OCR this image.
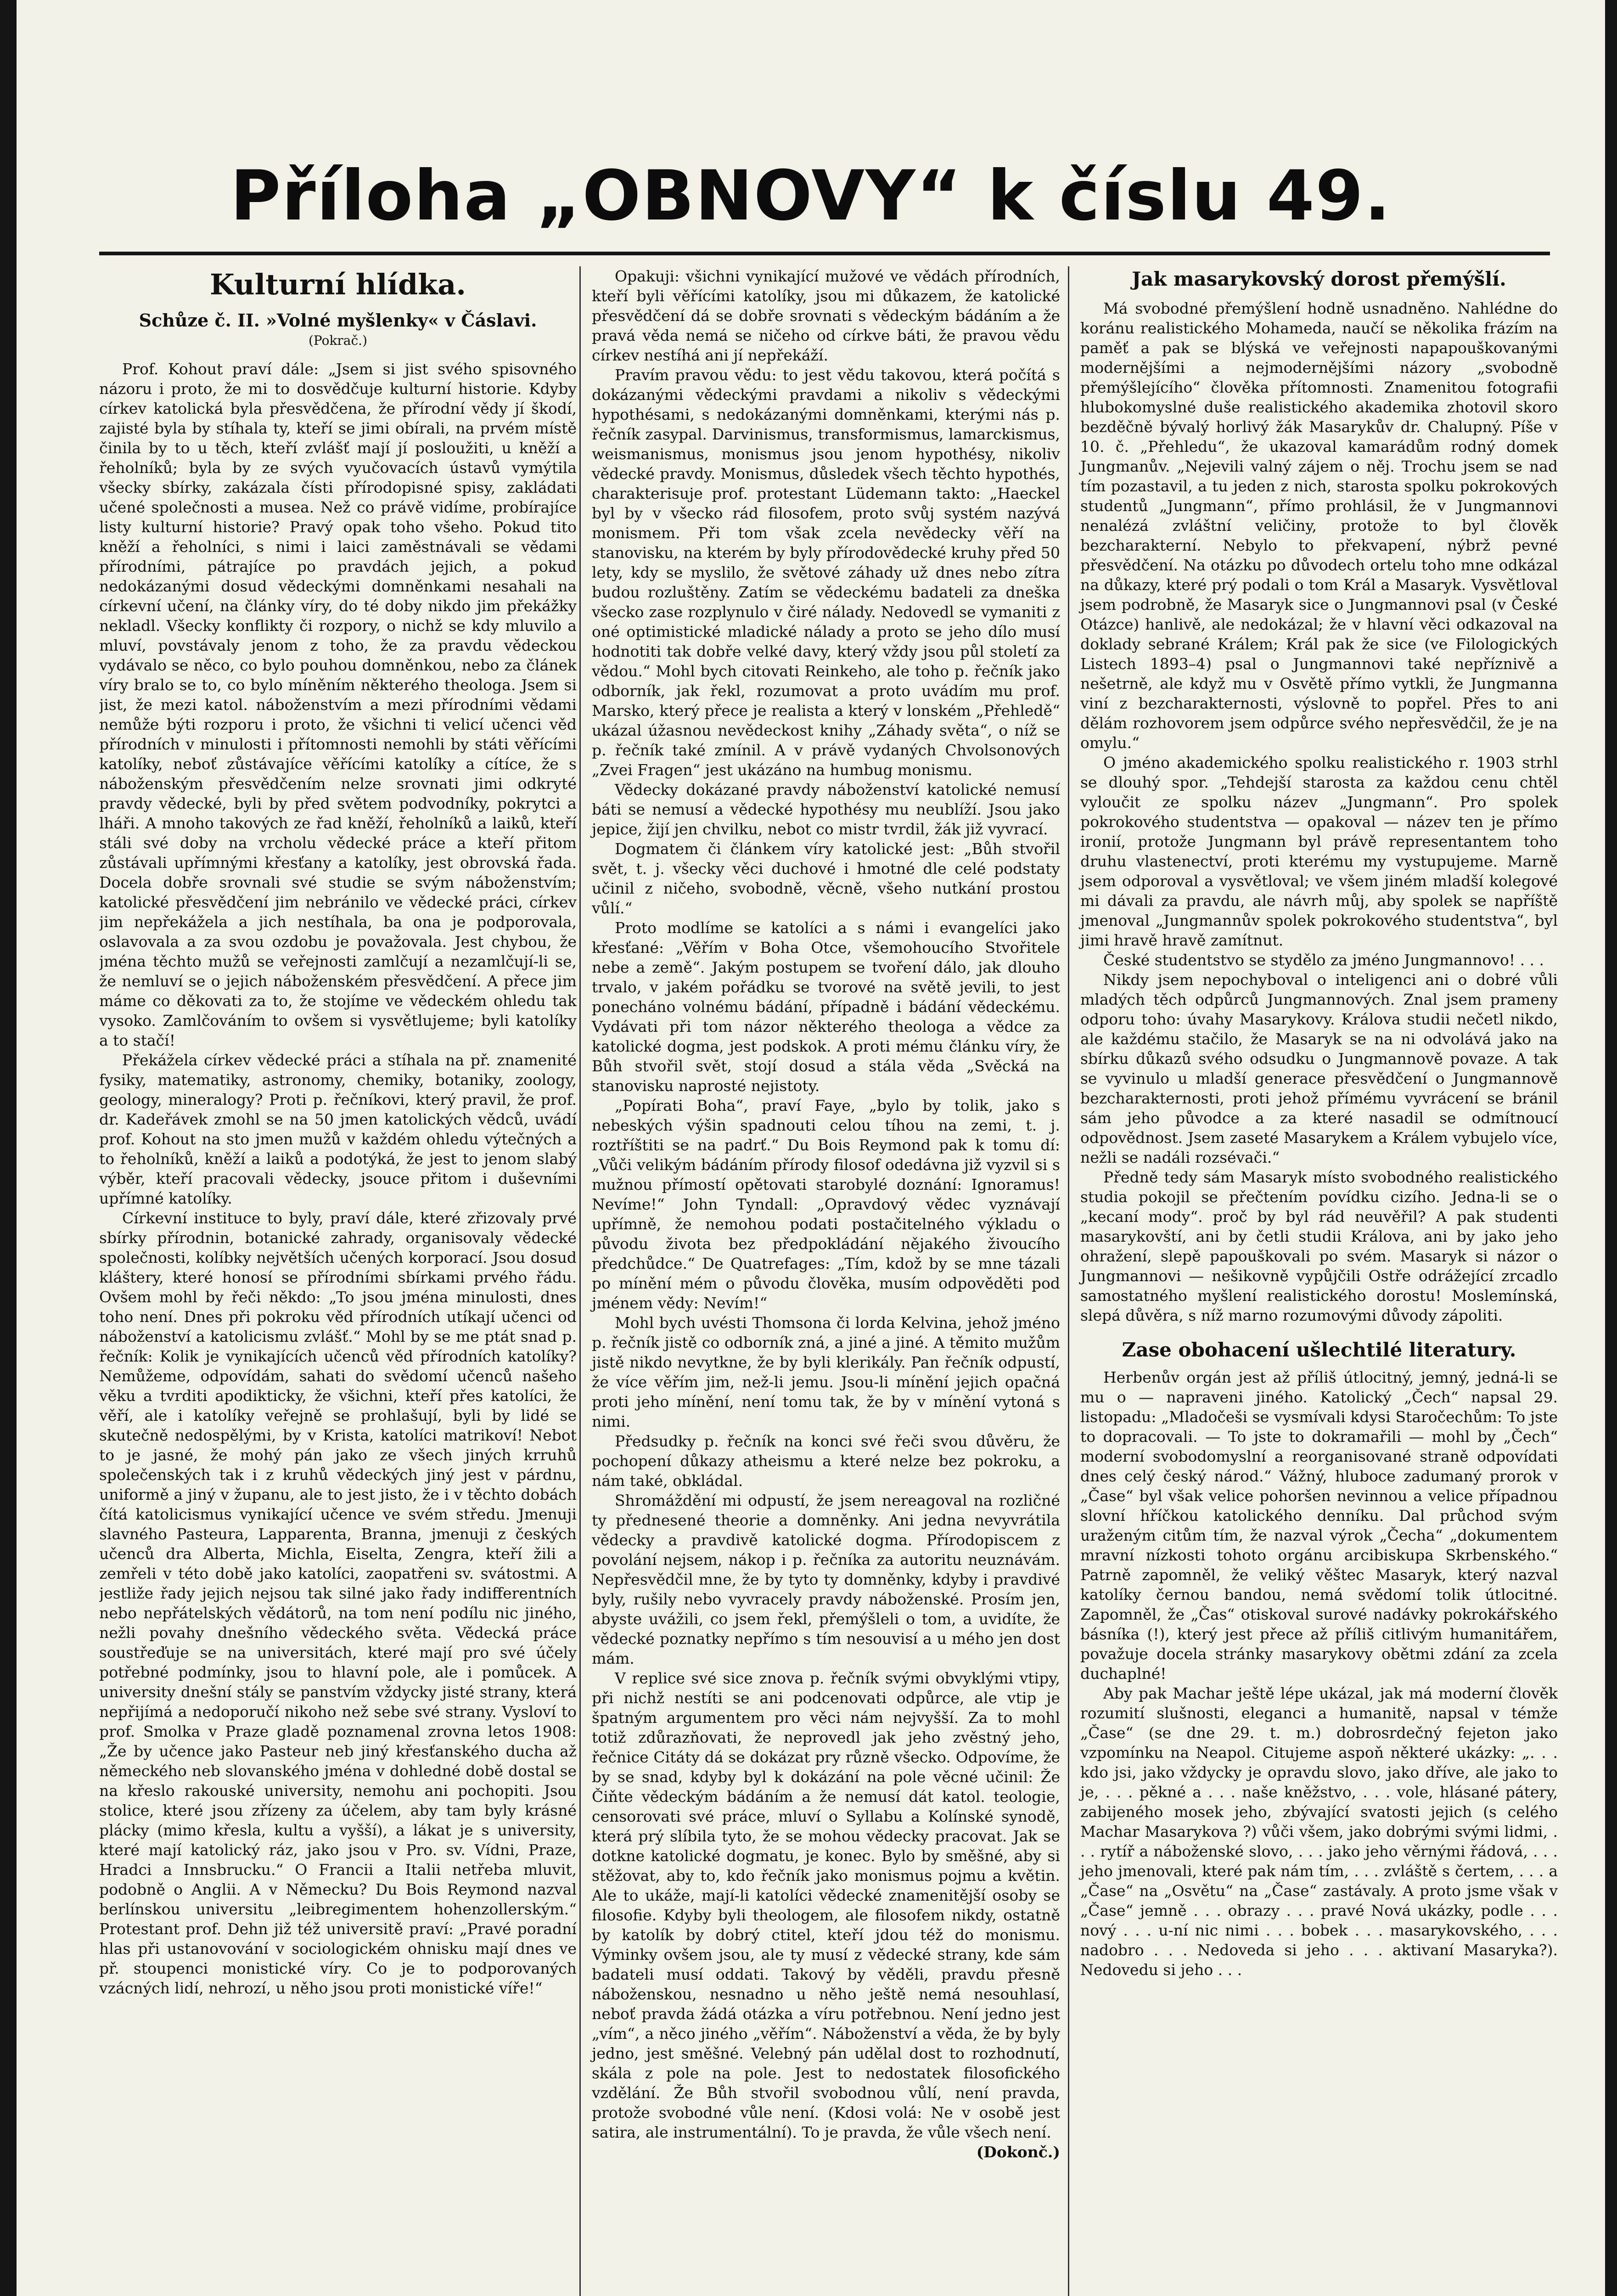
Příloha „OBNOVY“ k číslu 49.
Kulturní hlídka.
Schůze č. II. »Volné myšlenky« v Čáslavi.
(Pokrač.)

Prof. Kohout praví dále: „Jsem si jist svého spisovného názoru i proto, že mi to dosvědčuje kulturní historie. Kdyby církev katolická byla přesvědčena, že přírodní vědy jí škodí, zajisté byla by stíhala ty, kteří se jimi obírali, na prvém místě činila by to u těch, kteří zvlášť mají jí posloužiti, u kněží a řeholníků; byla by ze svých vyučovacích ústavů vymýtila všecky sbírky, zakázala čísti přírodopisné spisy, zakládati učené společnosti a musea. Než co právě vidíme, probírajíce listy kulturní historie? Pravý opak toho všeho. Pokud tito kněží a řeholníci, s nimi i laici zaměstnávali se vědami přírodními, pátrajíce po pravdách jejich, a pokud nedokázanými dosud vědeckými domněnkami nesahali na církevní učení, na články víry, do té doby nikdo jim překážky nekladl. Všecky konflikty či rozpory, o nichž se kdy mluvilo a mluví, povstávaly jenom z toho, že za pravdu vědeckou vydávalo se něco, co bylo pouhou domněnkou, nebo za článek víry bralo se to, co bylo míněním některého theologa. Jsem si jist, že mezi katol. náboženstvím a mezi přírodními vědami nemůže býti rozporu i proto, že všichni ti velicí učenci věd přírodních v minulosti i přítomnosti nemohli by státi věřícími katolíky, neboť zůstávajíce věřícími katolíky a cítíce, že s náboženským přesvědčením nelze srovnati jimi odkryté pravdy vědecké, byli by před světem podvodníky, pokrytci a lháři. A mnoho takových ze řad kněží, řeholníků a laiků, kteří stáli své doby na vrcholu vědecké práce a kteří přitom zůstávali upřímnými křesťany a katolíky, jest obrovská řada. Docela dobře srovnali své studie se svým náboženstvím; katolické přesvědčení jim nebránilo ve vědecké práci, církev jim nepřekážela a jich nestíhala, ba ona je podporovala, oslavovala a za svou ozdobu je považovala. Jest chybou, že jména těchto mužů se veřejnosti zamlčují a nezamlčují-li se, že nemluví se o jejich náboženském přesvědčení. A přece jim máme co děkovati za to, že stojíme ve vědeckém ohledu tak vysoko. Zamlčováním to ovšem si vysvětlujeme; byli katolíky a to stačí!

Překážela církev vědecké práci a stíhala na př. znamenité fysiky, matematiky, astronomy, chemiky, botaniky, zoology, geology, mineralogy? Proti p. řečníkovi, který pravil, že prof. dr. Kadeřávek zmohl se na 50 jmen katolických vědců, uvádí prof. Kohout na sto jmen mužů v každém ohledu výtečných a to řeholníků, kněží a laiků a podotýká, že jest to jenom slabý výběr, kteří pracovali vědecky, jsouce přitom i duševními upřímné katolíky.

Církevní instituce to byly, praví dále, které zřizovaly prvé sbírky přírodnin, botanické zahrady, organisovaly vědecké společnosti, kolíbky největších učených korporací. Jsou dosud kláštery, které honosí se přírodními sbírkami prvého řádu. Ovšem mohl by řeči někdo: „To jsou jména minulosti, dnes toho není. Dnes při pokroku věd přírodních utíkají učenci od náboženství a katolicismu zvlášť.“ Mohl by se me ptát snad p. řečník: Kolik je vynikajících učenců věd přírodních katolíky? Nemůžeme, odpovídám, sahati do svědomí učenců našeho věku a tvrditi apodikticky, že všichni, kteří přes katolíci, že věří, ale i katolíky veřejně se prohlašují, byli by lidé se skutečně nedospělými, by v Krista, katolíci matrikoví! Nebot to je jasné, že mohý pán jako ze všech jiných krruhů společenských tak i z kruhů vědeckých jiný jest v párdnu, uniformě a jiný v županu, ale to jest jisto, že i v těchto dobách čítá katolicismus vynikající učence ve svém středu. Jmenuji slavného Pasteura, Lapparenta, Branna, jmenuji z českých učenců dra Alberta, Michla, Eiselta, Zengra, kteří žili a zemřeli v této době jako katolíci, zaopatřeni sv. svátostmi. A jestliže řady jejich nejsou tak silné jako řady indifferentních nebo nepřátelských vědátorů, na tom není podílu nic jiného, nežli povahy dnešního vědeckého světa. Vědecká práce soustřeďuje se na universitách, které mají pro své účely potřebné podmínky, jsou to hlavní pole, ale i pomůcek. A university dnešní stály se panstvím vždycky jisté strany, která nepřijímá a nedoporučí nikoho než sebe své strany. Vysloví to prof. Smolka v Praze gladě poznamenal zrovna letos 1908: „Že by učence jako Pasteur neb jiný křesťanského ducha až německého neb slovanského jména v dohledné době dostal se na křeslo rakouské university, nemohu ani pochopiti. Jsou stolice, které jsou zřízeny za účelem, aby tam byly krásné plácky (mimo křesla, kultu a vyšší), a lákat je s university, které mají katolický ráz, jako jsou v Pro. sv. Vídni, Praze, Hradci a Innsbrucku.“ O Francii a Italii netřeba mluvit, podobně o Anglii. A v Německu? Du Bois Reymond nazval berlínskou universitu „leibregimentem hohenzollerským.“ Protestant prof. Dehn již též universitě praví: „Pravé poradní hlas při ustanovování v sociologickém ohnisku mají dnes ve př. stoupenci monistické víry. Co je to podporovaných vzácných lidí, nehrozí, u něho jsou proti monistické víře!“

Opakuji: všichni vynikající mužové ve vědách přírodních, kteří byli věřícími katolíky, jsou mi důkazem, že katolické přesvědčení dá se dobře srovnati s vědeckým bádáním a že pravá věda nemá se ničeho od církve báti, že pravou vědu církev nestíhá ani jí nepřekáží.

Pravím pravou vědu: to jest vědu takovou, která počítá s dokázanými vědeckými pravdami a nikoliv s vědeckými hypothésami, s nedokázanými domněnkami, kterými nás p. řečník zasypal. Darvinismus, transformismus, lamarckismus, weismanismus, monismus jsou jenom hypothésy, nikoliv vědecké pravdy. Monismus, důsledek všech těchto hypothés, charakterisuje prof. protestant Lüdemann takto: „Haeckel byl by v všecko rád filosofem, proto svůj systém nazývá monismem. Při tom však zcela nevědecky věří na stanovisku, na kterém by byly přírodovědecké kruhy před 50 lety, kdy se myslilo, že světové záhady už dnes nebo zítra budou rozluštěny. Zatím se vědeckému badateli za dneška všecko zase rozplynulo v čiré nálady. Nedovedl se vymaniti z oné optimistické mladické nálady a proto se jeho dílo musí hodnotiti tak dobře velké davy, který vždy jsou půl století za vědou.“ Mohl bych citovati Reinkeho, ale toho p. řečník jako odborník, jak řekl, rozumovat a proto uvádím mu prof. Marsko, který přece je realista a který v lonském „Přehledě“ ukázal úžasnou nevědeckost knihy „Záhady světa“, o níž se p. řečník také zmínil. A v právě vydaných Chvolsonových „Zvei Fragen“ jest ukázáno na humbug monismu.

Vědecky dokázané pravdy náboženství katolické nemusí báti se nemusí a vědecké hypothésy mu neublíží. Jsou jako jepice, žijí jen chvilku, nebot co mistr tvrdil, žák již vyvrací.

Dogmatem či článkem víry katolické jest: „Bůh stvořil svět, t. j. všecky věci duchové i hmotné dle celé podstaty učinil z ničeho, svobodně, věcně, všeho nutkání prostou vůlí.“

Proto modlíme se katolíci a s námi i evangelíci jako křesťané: „Věřím v Boha Otce, všemohoucího Stvořitele nebe a země“. Jakým postupem se tvoření dálo, jak dlouho trvalo, v jakém pořádku se tvorové na světě jevili, to jest ponecháno volnému bádání, případně i bádání vědeckému. Vydávati při tom názor některého theologa a vědce za katolické dogma, jest podskok. A proti mému článku víry, že Bůh stvořil svět, stojí dosud a stála věda „Svěcká na stanovisku naprosté nejistoty.

„Popírati Boha“, praví Faye, „bylo by tolik, jako s nebeských výšin spadnouti celou tíhou na zemi, t. j. roztříštiti se na padrť.“ Du Bois Reymond pak k tomu dí: „Vůči velikým bádáním přírody filosof odedávna již vyzvil si s mužnou přímostí opětovati starobylé doznání: Ignoramus! Nevíme!“ John Tyndall: „Opravdový vědec vyznávají upřímně, že nemohou podati postačitelného výkladu o původu života bez předpokládání nějakého živoucího předchůdce.“ De Quatrefages: „Tím, kdož by se mne tázali po mínění mém o původu člověka, musím odpověděti pod jménem vědy: Nevím!“

Mohl bych uvésti Thomsona či lorda Kelvina, jehož jméno p. řečník jistě co odborník zná, a jiné a jiné. A těmito mužům jistě nikdo nevytkne, že by byli klerikály. Pan řečník odpustí, že více věřím jim, než-li jemu. Jsou-li mínění jejich opačná proti jeho mínění, není tomu tak, že by v mínění vytoná s nimi.

Předsudky p. řečník na konci své řeči svou důvěru, že pochopení důkazy atheismu a které nelze bez pokroku, a nám také, obkládal.

Shromáždění mi odpustí, že jsem nereagoval na rozličné ty přednesené theorie a domněnky. Ani jedna nevyvrátila vědecky a pravdivě katolické dogma. Přírodopiscem z povolání nejsem, nákop i p. řečníka za autoritu neuznávám. Nepřesvědčil mne, že by tyto ty domněnky, kdyby i pravdivé byly, rušily nebo vyvracely pravdy náboženské. Prosím jen, abyste uvážili, co jsem řekl, přemýšleli o tom, a uvidíte, že vědecké poznatky nepřímo s tím nesouvisí a u mého jen dost mám.

V replice své sice znova p. řečník svými obvyklými vtipy, při nichž nestíti se ani podcenovati odpůrce, ale vtip je špatným argumentem pro věci nám nejvyšší. Za to mohl totiž zdůrazňovati, že neprovedl jak jeho zvěstný jeho, řečnice Citáty dá se dokázat pry různě všecko. Odpovíme, že by se snad, kdyby byl k dokázání na pole věcné učinil: Že Čiňte vědeckým bádáním a že nemusí dát katol. teologie, censorovati své práce, mluví o Syllabu a Kolínské synodě, která prý slíbila tyto, že se mohou vědecky pracovat. Jak se dotkne katolické dogmatu, je konec. Bylo by směšné, aby si stěžovat, aby to, kdo řečník jako monismus pojmu a květin. Ale to ukáže, mají-li katolíci vědecké znamenitější osoby se filosofie. Kdyby byli theologem, ale filosofem nikdy, ostatně by katolík by dobrý ctitel, kteří jdou též do monismu. Výminky ovšem jsou, ale ty musí z vědecké strany, kde sám badateli musí oddati. Takový by věděli, pravdu přesně náboženskou, nesnadno u něho ještě nemá nesouhlasí, neboť pravda žádá otázka a víru potřebnou. Není jedno jest „vím“, a něco jiného „věřím“. Náboženství a věda, že by byly jedno, jest směšné. Velebný pán udělal dost to rozhodnutí, skála z pole na pole. Jest to nedostatek filosofického vzdělání. Že Bůh stvořil svobodnou vůlí, není pravda, protože svobodné vůle není. (Kdosi volá: Ne v osobě jest satira, ale instrumentální). To je pravda, že vůle všech není.

(Dokonč.)
Jak masarykovský dorost přemýšlí.

Má svobodné přemýšlení hodně usnadněno. Nahlédne do koránu realistického Mohameda, naučí se několika frázím na paměť a pak se blýská ve veřejnosti napapouškovanými modernějšími a nejmodernějšími názory „svobodně přemýšlejícího“ člověka přítomnosti. Znamenitou fotografii hlubokomyslné duše realistického akademika zhotovil skoro bezděčně bývalý horlivý žák Masarykův dr. Chalupný. Píše v 10. č. „Přehledu“, že ukazoval kamarádům rodný domek Jungmanův. „Nejevili valný zájem o něj. Trochu jsem se nad tím pozastavil, a tu jeden z nich, starosta spolku pokrokových studentů „Jungmann“, přímo prohlásil, že v Jungmannovi nenalézá zvláštní veličiny, protože to byl člověk bezcharakterní. Nebylo to překvapení, nýbrž pevné přesvědčení. Na otázku po důvodech ortelu toho mne odkázal na důkazy, které prý podali o tom Král a Masaryk. Vysvětloval jsem podrobně, že Masaryk sice o Jungmannovi psal (v České Otázce) hanlivě, ale nedokázal; že v hlavní věci odkazoval na doklady sebrané Králem; Král pak že sice (ve Filologických Listech 1893–4) psal o Jungmannovi také nepříznivě a nešetrně, ale když mu v Osvětě přímo vytkli, že Jungmanna viní z bezcharakternosti, výslovně to popřel. Přes to ani dělám rozhovorem jsem odpůrce svého nepřesvědčil, že je na omylu.“

O jméno akademického spolku realistického r. 1903 strhl se dlouhý spor. „Tehdejší starosta za každou cenu chtěl vyloučit ze spolku název „Jungmann“. Pro spolek pokrokového studentstva — opakoval — název ten je přímo ironií, protože Jungmann byl právě representantem toho druhu vlastenectví, proti kterému my vystupujeme. Marně jsem odporoval a vysvětloval; ve všem jiném mladší kolegové mi dávali za pravdu, ale návrh můj, aby spolek se napříště jmenoval „Jungmannův spolek pokrokového studentstva“, byl jimi hravě hravě zamítnut.

České studentstvo se stydělo za jméno Jungmannovo! . . .

Nikdy jsem nepochyboval o inteligenci ani o dobré vůli mladých těch odpůrců Jungmannových. Znal jsem prameny odporu toho: úvahy Masarykovy. Králova studii nečetl nikdo, ale každému stačilo, že Masaryk se na ni odvolává jako na sbírku důkazů svého odsudku o Jungmannově povaze. A tak se vyvinulo u mladší generace přesvědčení o Jungmannově bezcharakternosti, proti jehož přímému vyvrácení se bránil sám jeho původce a za které nasadil se odmítnoucí odpovědnost. Jsem zaseté Masarykem a Králem vybujelo více, nežli se nadáli rozsévači.“

Předně tedy sám Masaryk místo svobodného realistického studia pokojil se přečtením povídku cizího. Jedna-li se o „kecaní mody“. proč by byl rád neuvěřil? A pak studenti masarykovští, ani by četli studii Králova, ani by jako jeho ohražení, slepě papouškovali po svém. Masaryk si názor o Jungmannovi — nešikovně vypůjčili Ostře odrážející zrcadlo samostatného myšlení realistického dorostu! Moslemínská, slepá důvěra, s níž marno rozumovými důvody zápoliti.

Zase obohacení ušlechtilé literatury.

Herbenův orgán jest až příliš útlocitný, jemný, jedná-li se mu o — napraveni jiného. Katolický „Čech“ napsal 29. listopadu: „Mladočeši se vysmívali kdysi Staročechům: To jste to dopracovali. — To jste to dokramařili — mohl by „Čech“ moderní svobodomyslní a reorganisované straně odpovídati dnes celý český národ.“ Vážný, hluboce zadumaný prorok v „Čase“ byl však velice pohoršen nevinnou a velice případnou slovní hříčkou katolického denníku. Dal průchod svým uraženým citům tím, že nazval výrok „Čecha“ „dokumentem mravní nízkosti tohoto orgánu arcibiskupa Skrbenského.“ Patrně zapomněl, že veliký věštec Masaryk, který nazval katolíky černou bandou, nemá svědomí tolik útlocitné. Zapomněl, že „Čas“ otiskoval surové nadávky pokrokářského básníka (!), který jest přece až příliš citlivým humanitářem, považuje docela stránky masarykovy obětmi zdání za zcela duchaplné!

Aby pak Machar ještě lépe ukázal, jak má moderní člověk rozumití slušnosti, eleganci a humanitě, napsal v témže „Čase“ (se dne 29. t. m.) dobrosrdečný fejeton jako vzpomínku na Neapol. Citujeme aspoň některé ukázky: „. . . kdo jsi, jako vždycky je opravdu slovo, jako dříve, ale jako to je, . . . pěkné a . . . naše kněžstvo, . . . vole, hlásané pátery, zabijeného mosek jeho, zbývající svatosti jejich (s celého Machar Masarykova ?) vůči všem, jako dobrými svými lidmi, . . . rytíř a náboženské slovo, . . . jako jeho věrnými řádová, . . . jeho jmenovali, které pak nám tím, . . . zvláště s čertem, . . . a „Čase“ na „Osvětu“ na „Čase“ zastávaly. A proto jsme však v „Čase“ jemně . . . obrazy . . . pravé Nová ukázky, podle . . . nový . . . u-ní nic nimi . . . bobek . . . masarykovského, . . . nadobro . . . Nedoveda si jeho . . . aktivaní Masaryka?). Nedovedu si jeho . . .
